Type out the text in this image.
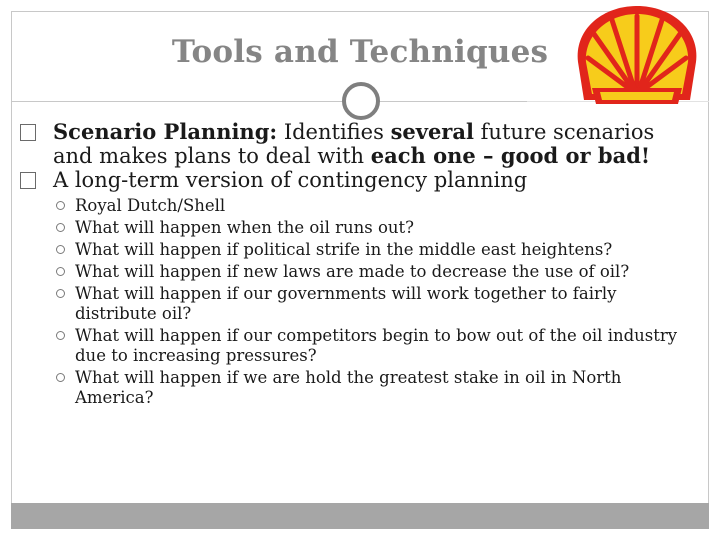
Tools and Techniques
Scenario Planning: Identifies several future scenarios and makes plans to deal with each one – good or bad!
A long-term version of contingency planning
Royal Dutch/Shell
What will happen when the oil runs out?
What will happen if political strife in the middle east heightens?
What will happen if new laws are made to decrease the use of oil?
What will happen if our governments will work together to fairly distribute oil?
What will happen if our competitors begin to bow out of the oil industry due to increasing pressures?
What will happen if we are hold the greatest stake in oil in North America?
